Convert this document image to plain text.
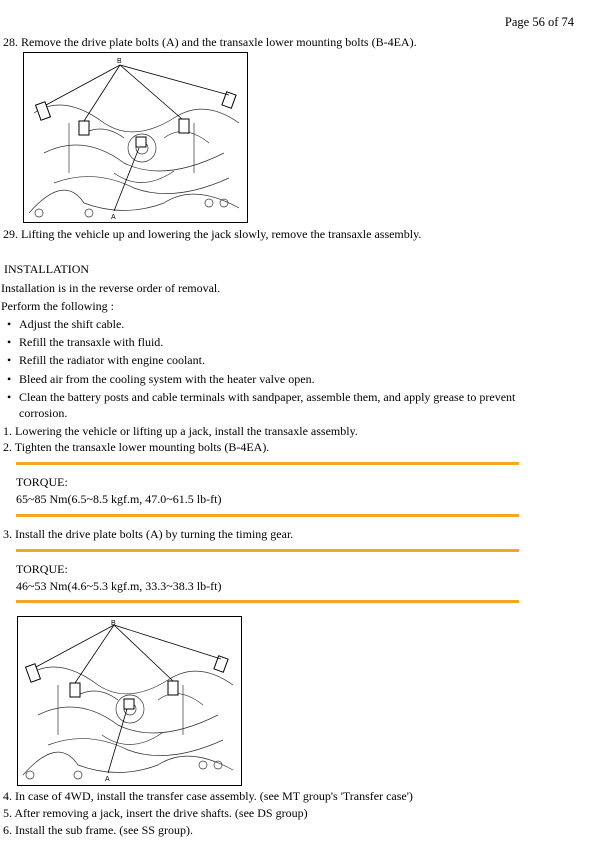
Page 56 of 74
28. Remove the drive plate bolts (A) and the transaxle lower mounting bolts (B-4EA).
B
A
29. Lifting the vehicle up and lowering the jack slowly, remove the transaxle assembly.
INSTALLATION
Installation is in the reverse order of removal.
Perform the following :
• Adjust the shift cable.
• Refill the transaxle with fluid.
• Refill the radiator with engine coolant.
• Bleed air from the cooling system with the heater valve open.
• Clean the battery posts and cable terminals with sandpaper, assemble them, and apply grease to prevent
corrosion.
1. Lowering the vehicle or lifting up a jack, install the transaxle assembly.
2. Tighten the transaxle lower mounting bolts (B-4EA).
TORQUE:
65~85 Nm(6.5~8.5 kgf.m, 47.0~61.5 lb-ft)
3. Install the drive plate bolts (A) by turning the timing gear.
TORQUE:
46~53 Nm(4.6~5.3 kgf.m, 33.3~38.3 lb-ft)
B
A
4. In case of 4WD, install the transfer case assembly. (see MT group's 'Transfer case')
5. After removing a jack, insert the drive shafts. (see DS group)
6. Install the sub frame. (see SS group).
